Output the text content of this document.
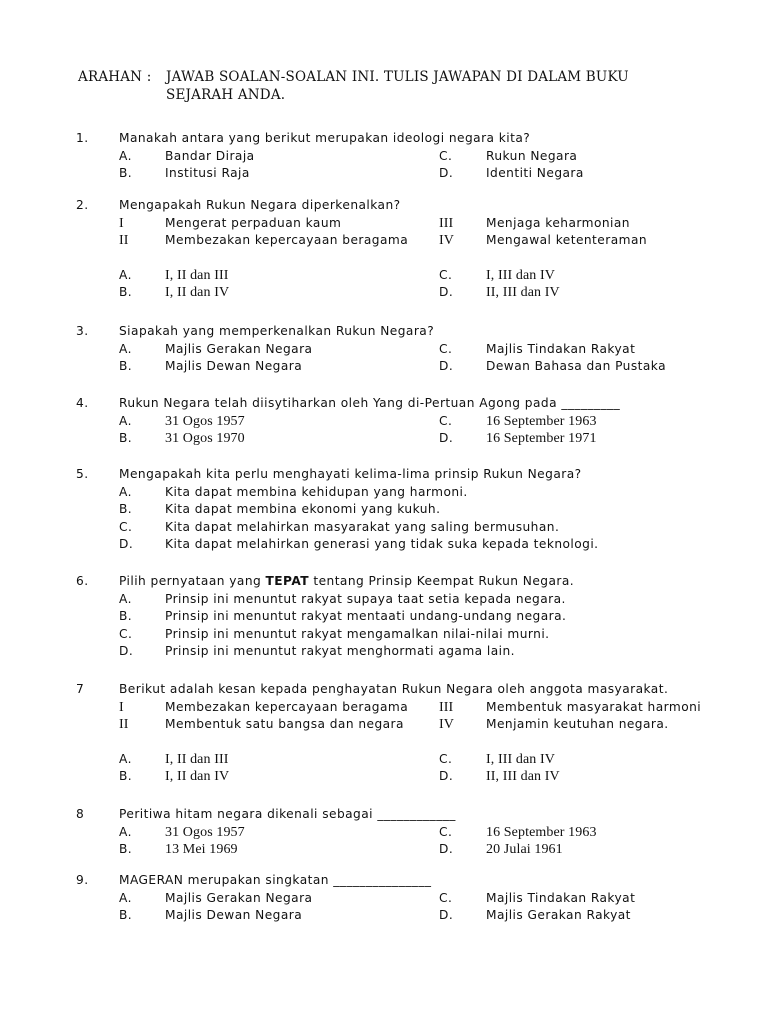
ARAHAN : JAWAB SOALAN-SOALAN INI. TULIS JAWAPAN DI DALAM BUKU SEJARAH ANDA.
1. Manakah antara yang berikut merupakan ideologi negara kita?
A.	Bandar Diraja	C.	Rukun Negara
B.	Institusi Raja	D.	Identiti Negara
2. Mengapakah Rukun Negara diperkenalkan?
I	Mengerat perpaduan kaum	III	Menjaga keharmonian
II	Membezakan kepercayaan beragama IV	Mengawal ketenteraman
A. I, II dan III	C. I, III dan IV
B. I, II dan IV	D. II, III dan IV
3. Siapakah yang memperkenalkan Rukun Negara?
A.	Majlis Gerakan Negara	C.	Majlis Tindakan Rakyat
B.	Majlis Dewan Negara	D.	Dewan Bahasa dan Pustaka
4. Rukun Negara telah diisytiharkan oleh Yang di-Pertuan Agong pada _________
A. 31 Ogos 1957	C. 16 September 1963
B. 31 Ogos 1970	D. 16 September 1971
5. Mengapakah kita perlu menghayati kelima-lima prinsip Rukun Negara?
A.	Kita dapat membina kehidupan yang harmoni.
B.	Kita dapat membina ekonomi yang kukuh.
C.	Kita dapat melahirkan masyarakat yang saling bermusuhan.
D.	Kita dapat melahirkan generasi yang tidak suka kepada teknologi.
6. Pilih pernyataan yang TEPAT tentang Prinsip Keempat Rukun Negara.
A.	Prinsip ini menuntut rakyat supaya taat setia kepada negara.
B.	Prinsip ini menuntut rakyat mentaati undang-undang negara.
C.	Prinsip ini menuntut rakyat mengamalkan nilai-nilai murni.
D.	Prinsip ini menuntut rakyat menghormati agama lain.
7	Berikut adalah kesan kepada penghayatan Rukun Negara oleh anggota masyarakat.
I	Membezakan kepercayaan beragama III	Membentuk masyarakat harmoni
II	Membentuk satu bangsa dan negara	IV	Menjamin keutuhan negara.
A. I, II dan III	C. I, III dan IV
B. I, II dan IV	D. II, III dan IV
8	Peritiwa hitam negara dikenali sebagai ____________
A. 31 Ogos 1957	C. 16 September 1963
B. 13 Mei 1969	D. 20 Julai 1961
9. MAGERAN merupakan singkatan _______________
A.	Majlis Gerakan Negara	C.	Majlis Tindakan Rakyat
B.	Majlis Dewan Negara	D.	Majlis Gerakan Rakyat
